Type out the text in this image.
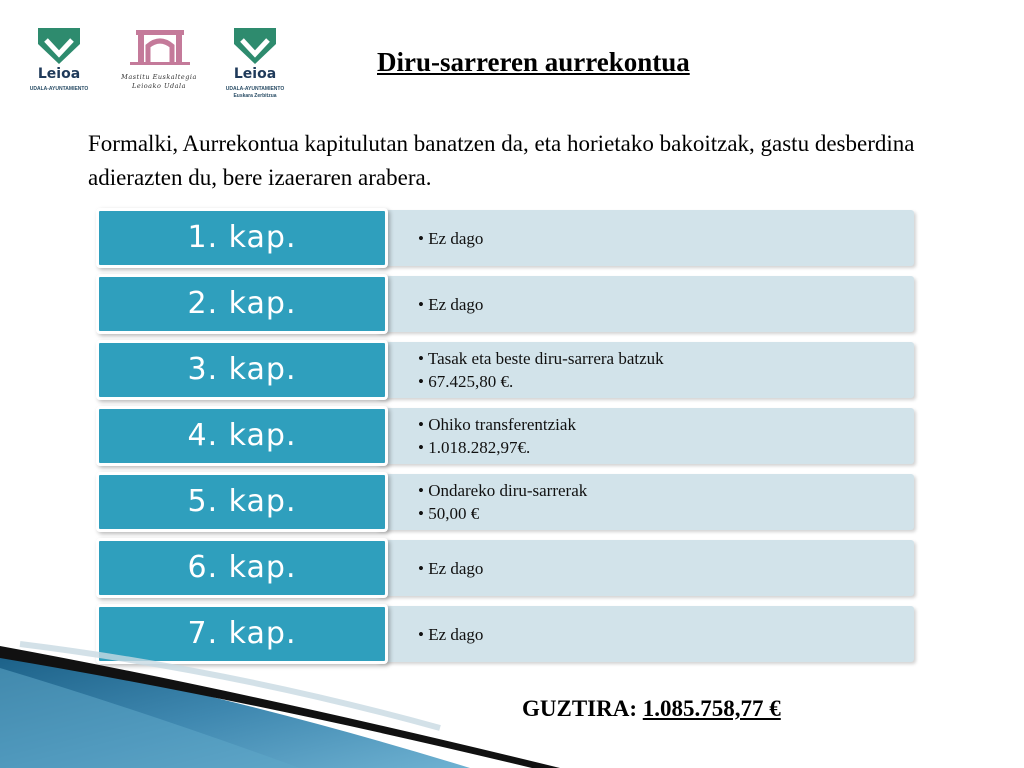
Leioa
UDALA-AYUNTAMIENTO
Mastitu Euskaltegia
Leioako Udala
Leioa
UDALA-AYUNTAMIENTO
Euskara Zerbitzua
Diru-sarreren aurrekontua
Formalki, Aurrekontua kapitulutan banatzen da, eta horietako bakoitzak, gastu desberdina adierazten du, bere izaeraren arabera.
1. kap.	• Ez dago
2. kap.	• Ez dago
3. kap.	• Tasak eta beste diru-sarrera batzuk
• 67.425,80 €.
4. kap.	• Ohiko transferentziak
• 1.018.282,97€.
5. kap.	• Ondareko diru-sarrerak
• 50,00 €
6. kap.	• Ez dago
7. kap.	• Ez dago
GUZTIRA: 1.085.758,77 €
